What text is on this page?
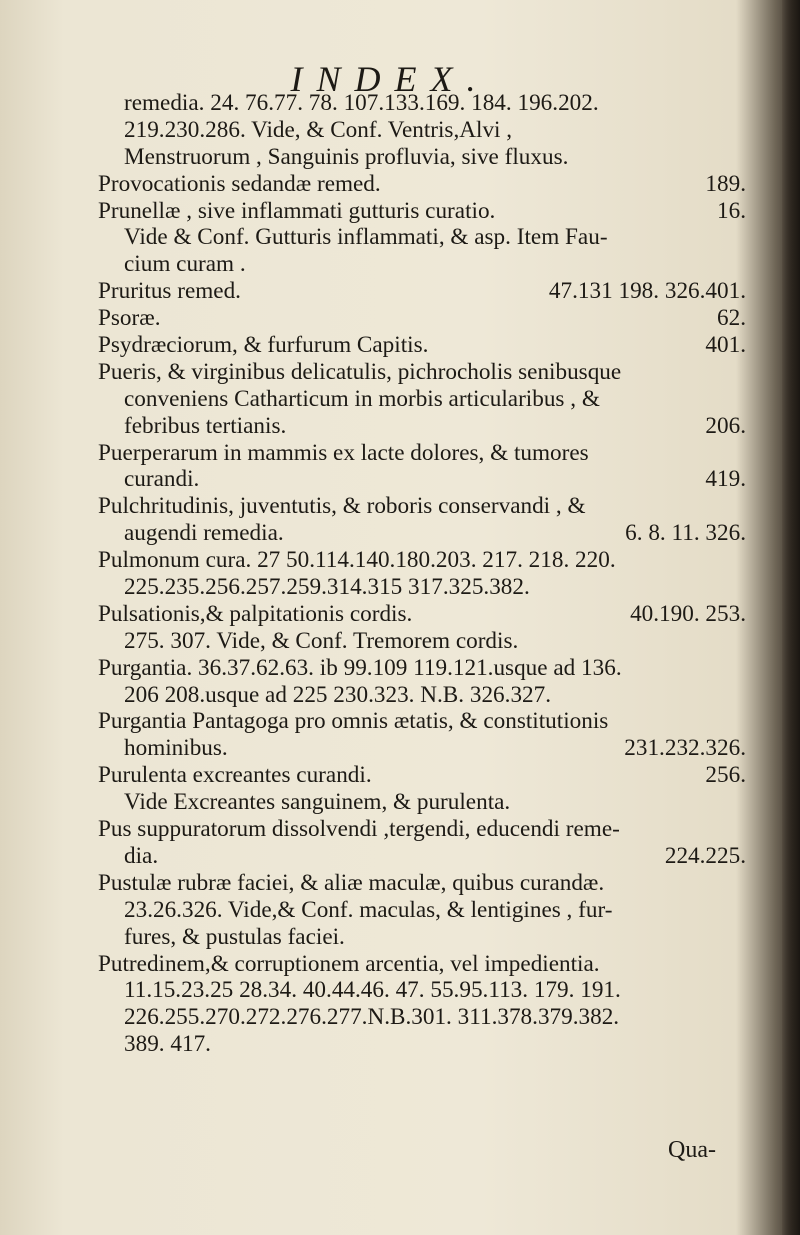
INDEX.
remedia. 24. 76.77. 78. 107.133.169. 184. 196.202.
219.230.286. Vide, & Conf. Ventris,Alvi ,
Menstruorum , Sanguinis profluvia, sive fluxus.
Provocationis sedandæ remed.	189.
Prunellæ , sive inflammati gutturis curatio.	16.
Vide & Conf. Gutturis inflammati, & asp. Item Fau-
cium curam .
Pruritus remed.	47.131 198. 326.401.
Psoræ.	62.
Psydræciorum, & furfurum Capitis.	401.
Pueris, & virginibus delicatulis, pichrocholis senibusque
conveniens Catharticum in morbis articularibus , &
febribus tertianis.	206.
Puerperarum in mammis ex lacte dolores, & tumores
curandi.	419.
Pulchritudinis, juventutis, & roboris conservandi , &
augendi remedia.	6. 8. 11. 326.
Pulmonum cura. 27 50.114.140.180.203. 217. 218. 220.
225.235.256.257.259.314.315 317.325.382.
Pulsationis,& palpitationis cordis.	40.190. 253.
275. 307. Vide, & Conf. Tremorem cordis.
Purgantia. 36.37.62.63. ib 99.109 119.121.usque ad 136.
206 208.usque ad 225 230.323. N.B. 326.327.
Purgantia Pantagoga pro omnis ætatis, & constitutionis
hominibus.	231.232.326.
Purulenta excreantes curandi.	256.
Vide Excreantes sanguinem, & purulenta.
Pus suppuratorum dissolvendi ,tergendi, educendi reme-
dia.	224.225.
Pustulæ rubræ faciei, & aliæ maculæ, quibus curandæ.
23.26.326. Vide,& Conf. maculas, & lentigines , fur-
fures, & pustulas faciei.
Putredinem,& corruptionem arcentia, vel impedientia.
11.15.23.25 28.34. 40.44.46. 47. 55.95.113. 179. 191.
226.255.270.272.276.277.N.B.301. 311.378.379.382.
389. 417.
Qua-
